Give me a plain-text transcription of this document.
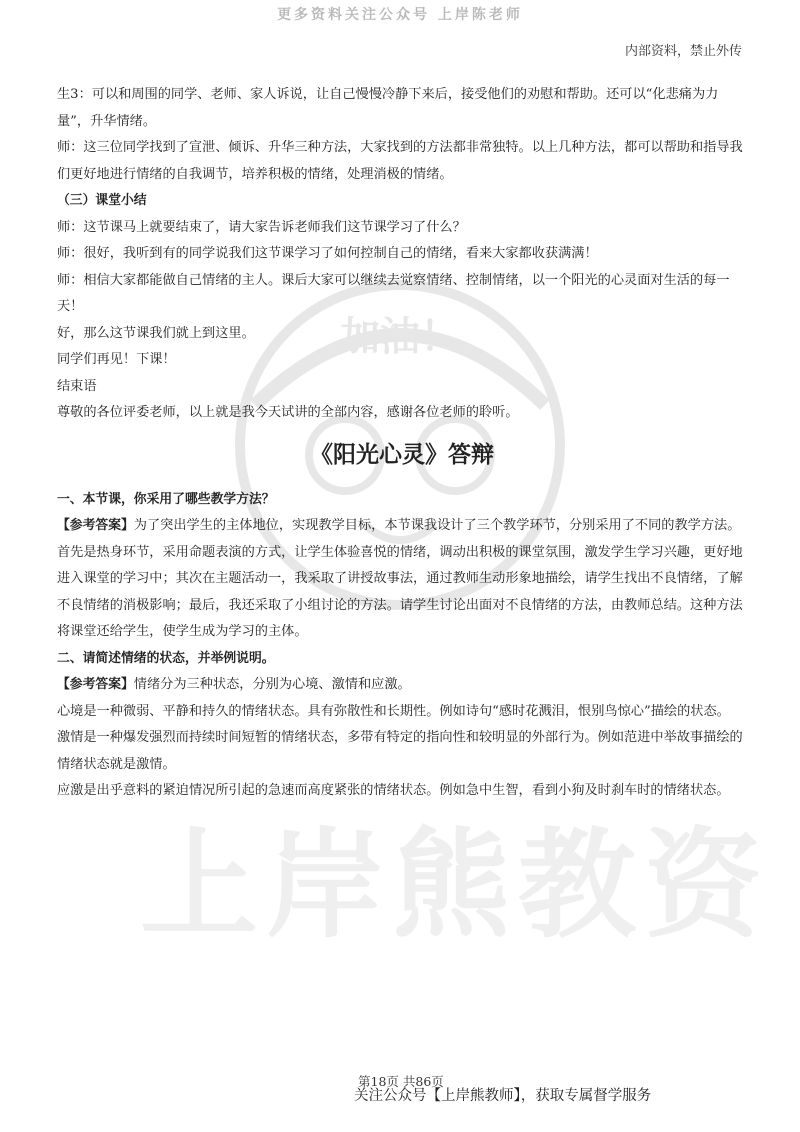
更多资料关注公众号 上岸陈老师
内部资料，禁止外传
加油！
上岸熊教资

生3：可以和周围的同学、老师、家人诉说，让自己慢慢冷静下来后，接受他们的劝慰和帮助。还可以“化悲痛为力量”，升华情绪。

师：这三位同学找到了宣泄、倾诉、升华三种方法，大家找到的方法都非常独特。以上几种方法，都可以帮助和指导我们更好地进行情绪的自我调节，培养积极的情绪，处理消极的情绪。

（三）课堂小结

师：这节课马上就要结束了，请大家告诉老师我们这节课学习了什么？

师：很好，我听到有的同学说我们这节课学习了如何控制自己的情绪，看来大家都收获满满！

师：相信大家都能做自己情绪的主人。课后大家可以继续去觉察情绪、控制情绪，以一个阳光的心灵面对生活的每一天！

好，那么这节课我们就上到这里。

同学们再见！下课！

结束语

尊敬的各位评委老师，以上就是我今天试讲的全部内容，感谢各位老师的聆听。

《阳光心灵》答辩

一、本节课，你采用了哪些教学方法？

【参考答案】为了突出学生的主体地位，实现教学目标，本节课我设计了三个教学环节，分别采用了不同的教学方法。

首先是热身环节，采用命题表演的方式，让学生体验喜悦的情绪，调动出积极的课堂氛围，激发学生学习兴趣，更好地进入课堂的学习中；其次在主题活动一，我采取了讲授故事法，通过教师生动形象地描绘，请学生找出不良情绪，了解不良情绪的消极影响；最后，我还采取了小组讨论的方法。请学生讨论出面对不良情绪的方法，由教师总结。这种方法将课堂还给学生，使学生成为学习的主体。

二、请简述情绪的状态，并举例说明。

【参考答案】情绪分为三种状态，分别为心境、激情和应激。

心境是一种微弱、平静和持久的情绪状态。具有弥散性和长期性。例如诗句“感时花溅泪，恨别鸟惊心”描绘的状态。

激情是一种爆发强烈而持续时间短暂的情绪状态，多带有特定的指向性和较明显的外部行为。例如范进中举故事描绘的情绪状态就是激情。

应激是出乎意料的紧迫情况所引起的急速而高度紧张的情绪状态。例如急中生智，看到小狗及时刹车时的情绪状态。

第18页 共86页
关注公众号【上岸熊教师】，获取专属督学服务
